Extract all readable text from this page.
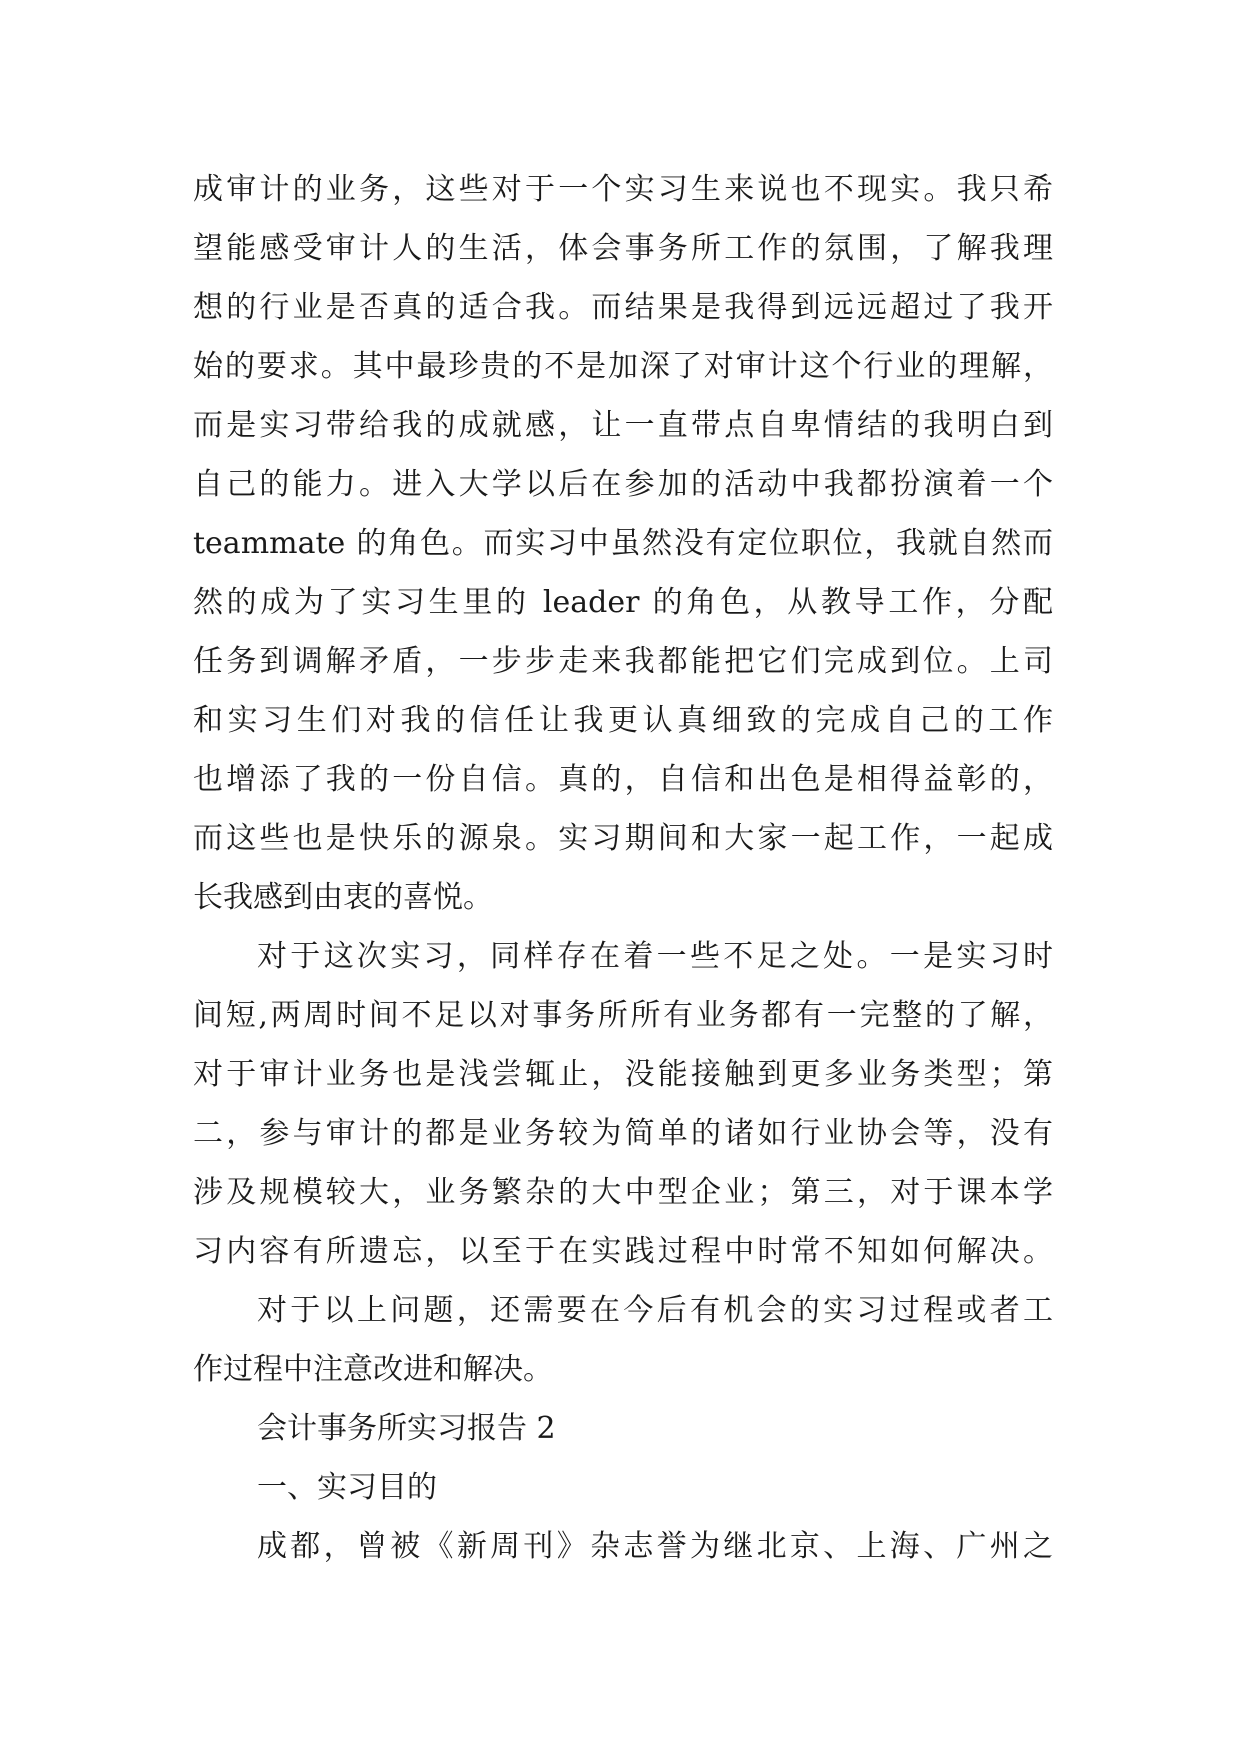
成审计的业务，这些对于一个实习生来说也不现实。我只希
望能感受审计人的生活，体会事务所工作的氛围，了解我理
想的行业是否真的适合我。而结果是我得到远远超过了我开
始的要求。其中最珍贵的不是加深了对审计这个行业的理解，
而是实习带给我的成就感，让一直带点自卑情结的我明白到
自己的能力。进入大学以后在参加的活动中我都扮演着一个
teammate 的角色。而实习中虽然没有定位职位，我就自然而
然的成为了实习生里的 leader 的角色，从教导工作，分配
任务到调解矛盾，一步步走来我都能把它们完成到位。上司
和实习生们对我的信任让我更认真细致的完成自己的工作
也增添了我的一份自信。真的，自信和出色是相得益彰的，
而这些也是快乐的源泉。实习期间和大家一起工作，一起成
长我感到由衷的喜悦。
对于这次实习，同样存在着一些不足之处。一是实习时
间短,两周时间不足以对事务所所有业务都有一完整的了解，
对于审计业务也是浅尝辄止，没能接触到更多业务类型；第
二，参与审计的都是业务较为简单的诸如行业协会等，没有
涉及规模较大，业务繁杂的大中型企业；第三，对于课本学
习内容有所遗忘，以至于在实践过程中时常不知如何解决。
对于以上问题，还需要在今后有机会的实习过程或者工
作过程中注意改进和解决。
会计事务所实习报告 2
一、实习目的
成都，曾被《新周刊》杂志誉为继北京、上海、广州之
